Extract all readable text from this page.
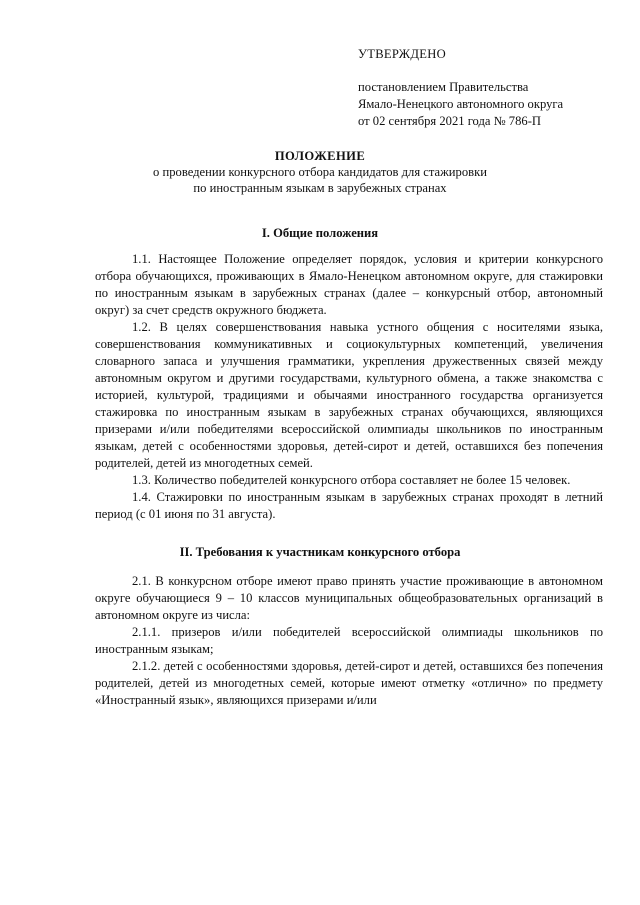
УТВЕРЖДЕНО
постановлением Правительства
Ямало-Ненецкого автономного округа
от 02 сентября 2021 года № 786-П
ПОЛОЖЕНИЕ
о проведении конкурсного отбора кандидатов для стажировки
по иностранным языкам в зарубежных странах
I. Общие положения

1.1. Настоящее Положение определяет порядок, условия и критерии конкурсного отбора обучающихся, проживающих в Ямало-Ненецком автономном округе, для стажировки по иностранным языкам в зарубежных странах (далее – конкурсный отбор, автономный округ) за счет средств окружного бюджета.

1.2. В целях совершенствования навыка устного общения с носителями языка, совершенствования коммуникативных и социокультурных компетенций, увеличения словарного запаса и улучшения грамматики, укрепления дружественных связей между автономным округом и другими государствами, культурного обмена, а также знакомства с историей, культурой, традициями и обычаями иностранного государства организуется стажировка по иностранным языкам в зарубежных странах обучающихся, являющихся призерами и/или победителями всероссийской олимпиады школьников по иностранным языкам, детей с особенностями здоровья, детей-сирот и детей, оставшихся без попечения родителей, детей из многодетных семей.

1.3. Количество победителей конкурсного отбора составляет не более 15 человек.

1.4. Стажировки по иностранным языкам в зарубежных странах проходят в летний период (с 01 июня по 31 августа).

II. Требования к участникам конкурсного отбора

2.1. В конкурсном отборе имеют право принять участие проживающие в автономном округе обучающиеся 9 – 10 классов муниципальных общеобразовательных организаций в автономном округе из числа:

2.1.1. призеров и/или победителей всероссийской олимпиады школьников по иностранным языкам;

2.1.2. детей с особенностями здоровья, детей-сирот и детей, оставшихся без попечения родителей, детей из многодетных семей, которые имеют отметку «отлично» по предмету «Иностранный язык», являющихся призерами и/или
